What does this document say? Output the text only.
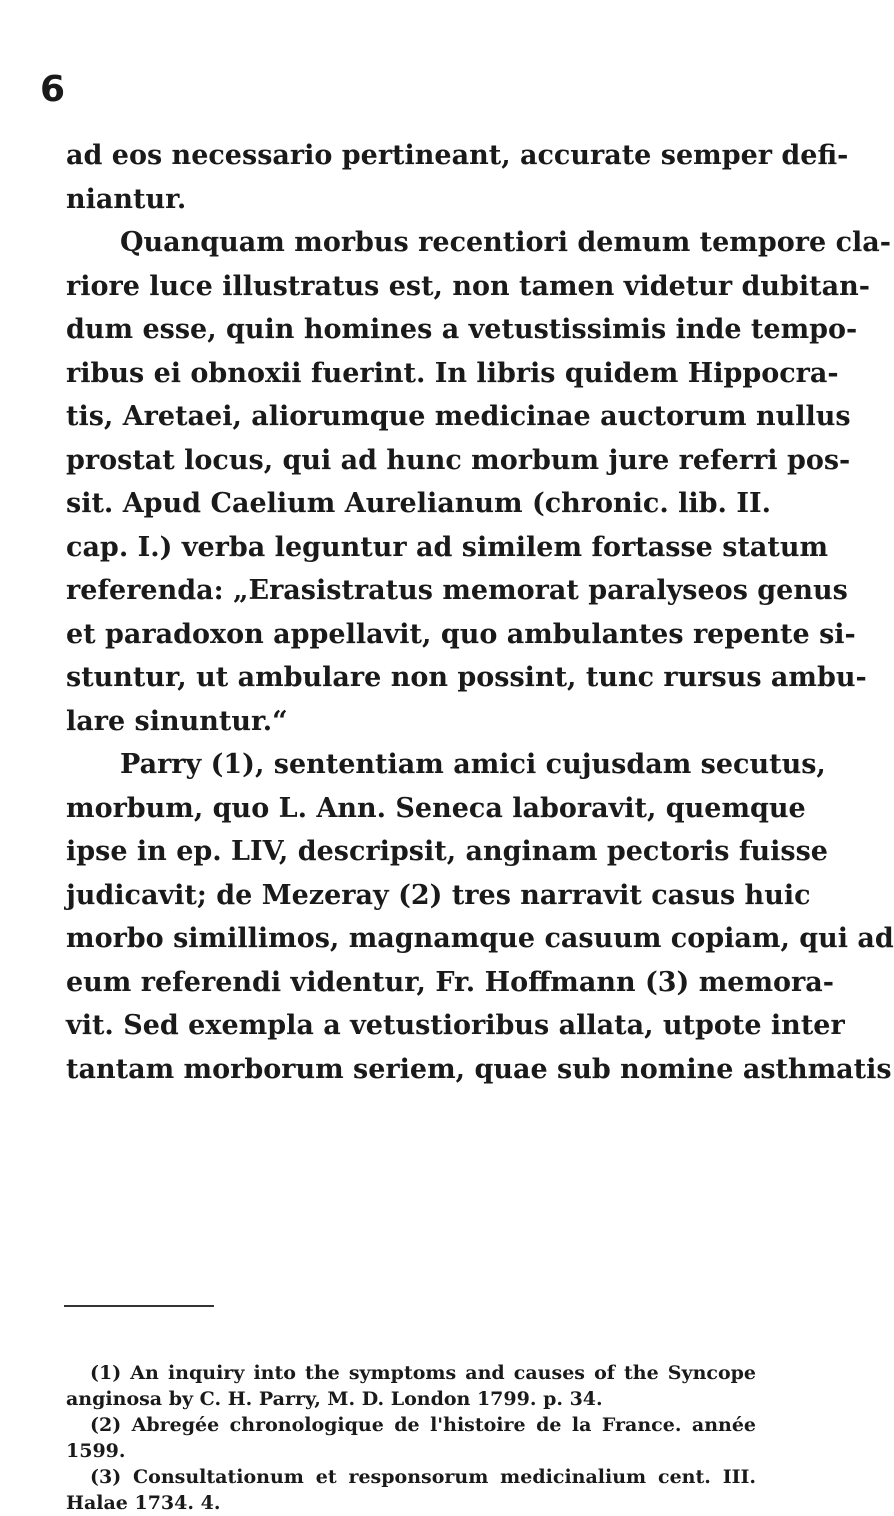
6
ad eos necessario pertineant, accurate semper defi-
niantur.
Quanquam morbus recentiori demum tempore cla-
riore luce illustratus est, non tamen videtur dubitan-
dum esse, quin homines a vetustissimis inde tempo-
ribus ei obnoxii fuerint. In libris quidem Hippocra-
tis, Aretaei, aliorumque medicinae auctorum nullus
prostat locus, qui ad hunc morbum jure referri pos-
sit. Apud Caelium Aurelianum (chronic. lib. II.
cap. I.) verba leguntur ad similem fortasse statum
referenda: „Erasistratus memorat paralyseos genus
et paradoxon appellavit, quo ambulantes repente si-
stuntur, ut ambulare non possint, tunc rursus ambu-
lare sinuntur.“
Parry (1), sententiam amici cujusdam secutus,
morbum, quo L. Ann. Seneca laboravit, quemque
ipse in ep. LIV, descripsit, anginam pectoris fuisse
judicavit; de Mezeray (2) tres narravit casus huic
morbo simillimos, magnamque casuum copiam, qui ad
eum referendi videntur, Fr. Hoffmann (3) memora-
vit. Sed exempla a vetustioribus allata, utpote inter
tantam morborum seriem, quae sub nomine asthmatis
(1) An inquiry into the symptoms and causes of the Syncope anginosa by C. H. Parry, M. D. London 1799. p. 34.
(2) Abregée chronologique de l'histoire de la France. année 1599.
(3) Consultationum et responsorum medicinalium cent. III. Halae 1734. 4.
